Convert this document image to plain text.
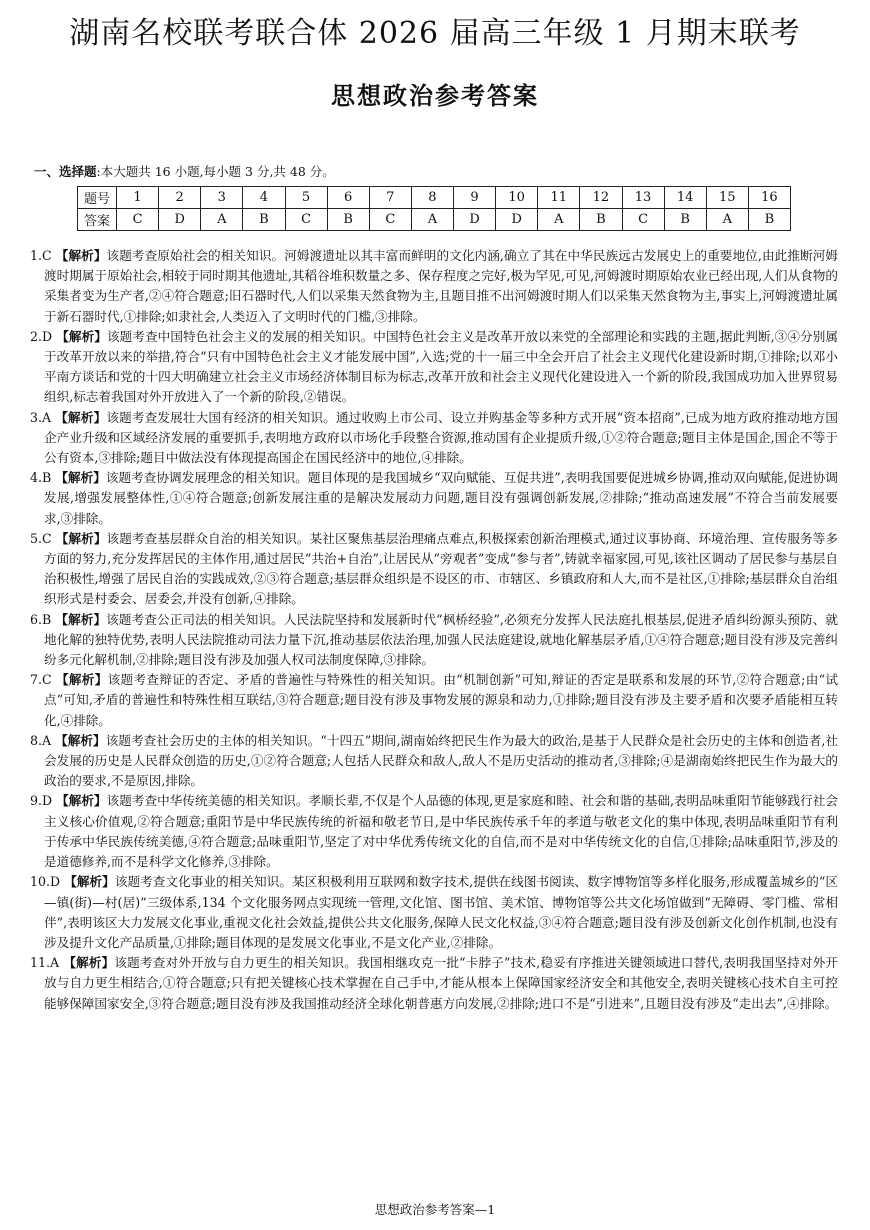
湖南名校联考联合体 2026 届高三年级 1 月期末联考
思想政治参考答案
一、选择题:本大题共 16 小题,每小题 3 分,共 48 分。
题号	1	2	3	4	5	6	7	8	9	10	11	12	13	14	15	16
答案	C	D	A	B	C	B	C	A	D	D	A	B	C	B	A	B

1.C 【解析】该题考查原始社会的相关知识。河姆渡遗址以其丰富而鲜明的文化内涵,确立了其在中华民族远古发展史上的重要地位,由此推断河姆渡时期属于原始社会,相较于同时期其他遗址,其稻谷堆积数量之多、保存程度之完好,极为罕见,可见,河姆渡时期原始农业已经出现,人们从食物的采集者变为生产者,②④符合题意;旧石器时代,人们以采集天然食物为主,且题目推不出河姆渡时期人们以采集天然食物为主,事实上,河姆渡遗址属于新石器时代,①排除;如隶社会,人类迈入了文明时代的门槛,③排除。

2.D 【解析】该题考查中国特色社会主义的发展的相关知识。中国特色社会主义是改革开放以来党的全部理论和实践的主题,据此判断,③④分别属于改革开放以来的举措,符合“只有中国特色社会主义才能发展中国”,入选;党的十一届三中全会开启了社会主义现代化建设新时期,①排除;以邓小平南方谈话和党的十四大明确建立社会主义市场经济体制目标为标志,改革开放和社会主义现代化建设进入一个新的阶段,我国成功加入世界贸易组织,标志着我国对外开放进入了一个新的阶段,②错误。

3.A 【解析】该题考查发展壮大国有经济的相关知识。通过收购上市公司、设立并购基金等多种方式开展“资本招商”,已成为地方政府推动地方国企产业升级和区域经济发展的重要抓手,表明地方政府以市场化手段整合资源,推动国有企业提质升级,①②符合题意;题目主体是国企,国企不等于公有资本,③排除;题目中做法没有体现提高国企在国民经济中的地位,④排除。

4.B 【解析】该题考查协调发展理念的相关知识。题目体现的是我国城乡“双向赋能、互促共进”,表明我国要促进城乡协调,推动双向赋能,促进协调发展,增强发展整体性,①④符合题意;创新发展注重的是解决发展动力问题,题目没有强调创新发展,②排除;“推动高速发展”不符合当前发展要求,③排除。

5.C 【解析】该题考查基层群众自治的相关知识。某社区聚焦基层治理痛点难点,积极探索创新治理模式,通过议事协商、环境治理、宣传服务等多方面的努力,充分发挥居民的主体作用,通过居民“共治+自治”,让居民从“旁观者”变成“参与者”,铸就幸福家园,可见,该社区调动了居民参与基层自治积极性,增强了居民自治的实践成效,②③符合题意;基层群众组织是不设区的市、市辖区、乡镇政府和人大,而不是社区,①排除;基层群众自治组织形式是村委会、居委会,并没有创新,④排除。

6.B 【解析】该题考查公正司法的相关知识。人民法院坚持和发展新时代“枫桥经验”,必须充分发挥人民法庭扎根基层,促进矛盾纠纷源头预防、就地化解的独特优势,表明人民法院推动司法力量下沉,推动基层依法治理,加强人民法庭建设,就地化解基层矛盾,①④符合题意;题目没有涉及完善纠纷多元化解机制,②排除;题目没有涉及加强人权司法制度保障,③排除。

7.C 【解析】该题考查辩证的否定、矛盾的普遍性与特殊性的相关知识。由“机制创新”可知,辩证的否定是联系和发展的环节,②符合题意;由“试点”可知,矛盾的普遍性和特殊性相互联结,③符合题意;题目没有涉及事物发展的源泉和动力,①排除;题目没有涉及主要矛盾和次要矛盾能相互转化,④排除。

8.A 【解析】该题考查社会历史的主体的相关知识。“十四五”期间,湖南始终把民生作为最大的政治,是基于人民群众是社会历史的主体和创造者,社会发展的历史是人民群众创造的历史,①②符合题意;人包括人民群众和敌人,敌人不是历史活动的推动者,③排除;④是湖南始终把民生作为最大的政治的要求,不是原因,排除。

9.D 【解析】该题考查中华传统美德的相关知识。孝顺长辈,不仅是个人品德的体现,更是家庭和睦、社会和谐的基础,表明品味重阳节能够践行社会主义核心价值观,②符合题意;重阳节是中华民族传统的祈福和敬老节日,是中华民族传承千年的孝道与敬老文化的集中体现,表明品味重阳节有利于传承中华民族传统美德,④符合题意;品味重阳节,坚定了对中华优秀传统文化的自信,而不是对中华传统文化的自信,①排除;品味重阳节,涉及的是道德修养,而不是科学文化修养,③排除。

10.D 【解析】该题考查文化事业的相关知识。某区积极利用互联网和数字技术,提供在线图书阅读、数字博物馆等多样化服务,形成覆盖城乡的“区—镇(街)—村(居)”三级体系,134 个文化服务网点实现统一管理,文化馆、图书馆、美术馆、博物馆等公共文化场馆做到“无障碍、零门槛、常相伴”,表明该区大力发展文化事业,重视文化社会效益,提供公共文化服务,保障人民文化权益,③④符合题意;题目没有涉及创新文化创作机制,也没有涉及提升文化产品质量,①排除;题目体现的是发展文化事业,不是文化产业,②排除。

11.A 【解析】该题考查对外开放与自力更生的相关知识。我国相继攻克一批“卡脖子”技术,稳妥有序推进关键领域进口替代,表明我国坚持对外开放与自力更生相结合,①符合题意;只有把关键核心技术掌握在自己手中,才能从根本上保障国家经济安全和其他安全,表明关键核心技术自主可控能够保障国家安全,③符合题意;题目没有涉及我国推动经济全球化朝普惠方向发展,②排除;进口不是“引进来”,且题目没有涉及“走出去”,④排除。

思想政治参考答案—1
